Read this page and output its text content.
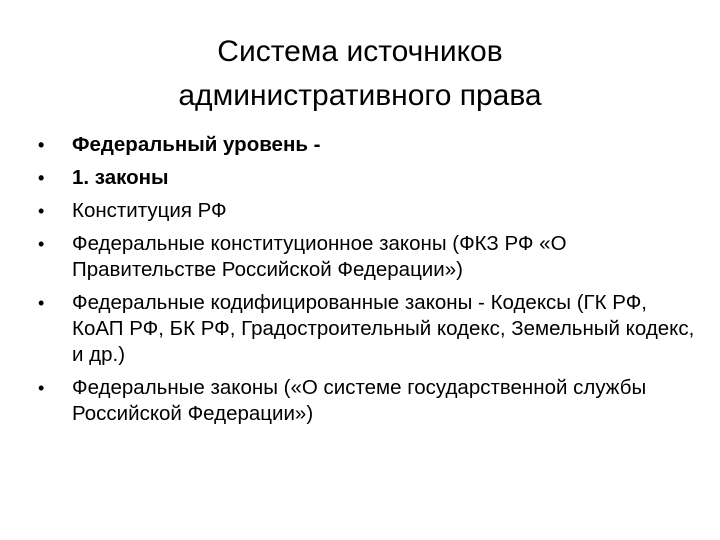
Система источников
административного права
•	Федеральный уровень -
•	1. законы
•	Конституция РФ
•	Федеральные конституционное законы (ФКЗ РФ «О Правительстве Российской Федерации»)
•	Федеральные кодифицированные законы - Кодексы (ГК РФ, КоАП РФ, БК РФ, Градостроительный кодекс, Земельный кодекс, и др.)
•	Федеральные законы («О системе государственной службы Российской Федерации»)
